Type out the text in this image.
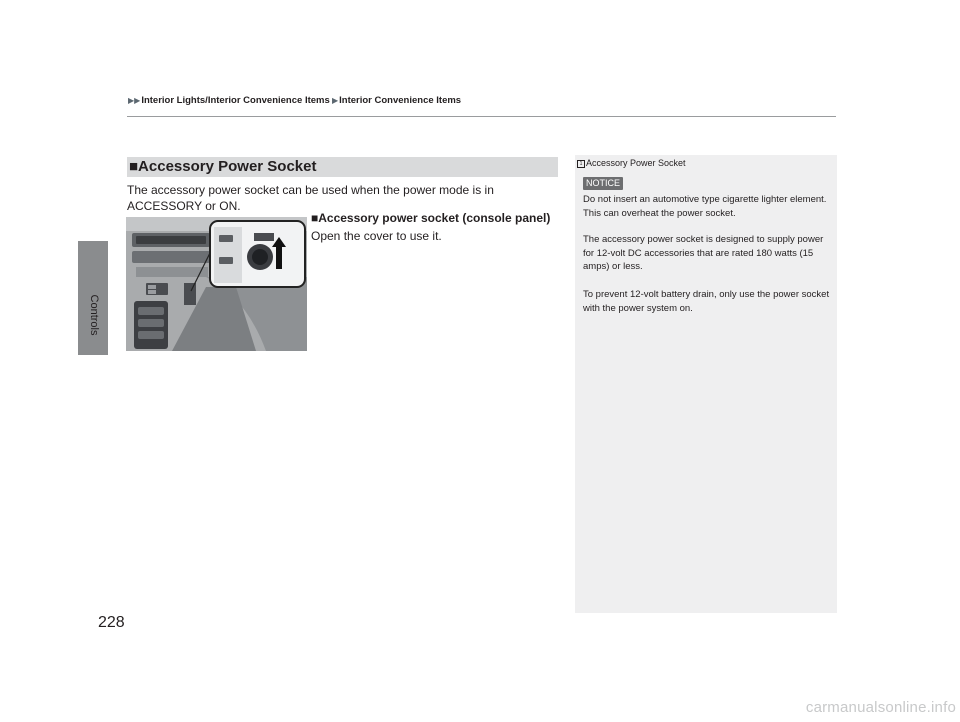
Controls
▶▶Interior Lights/Interior Convenience Items ▶Interior Convenience Items
■Accessory Power Socket
The accessory power socket can be used when the power mode is in ACCESSORY or ON.
■Accessory power socket (console panel)
Open the cover to use it.
1 Accessory Power Socket
NOTICE
Do not insert an automotive type cigarette lighter element. This can overheat the power socket.
The accessory power socket is designed to supply power for 12-volt DC accessories that are rated 180 watts (15 amps) or less.
To prevent 12-volt battery drain, only use the power socket with the power system on.
228
carmanualsonline.info
